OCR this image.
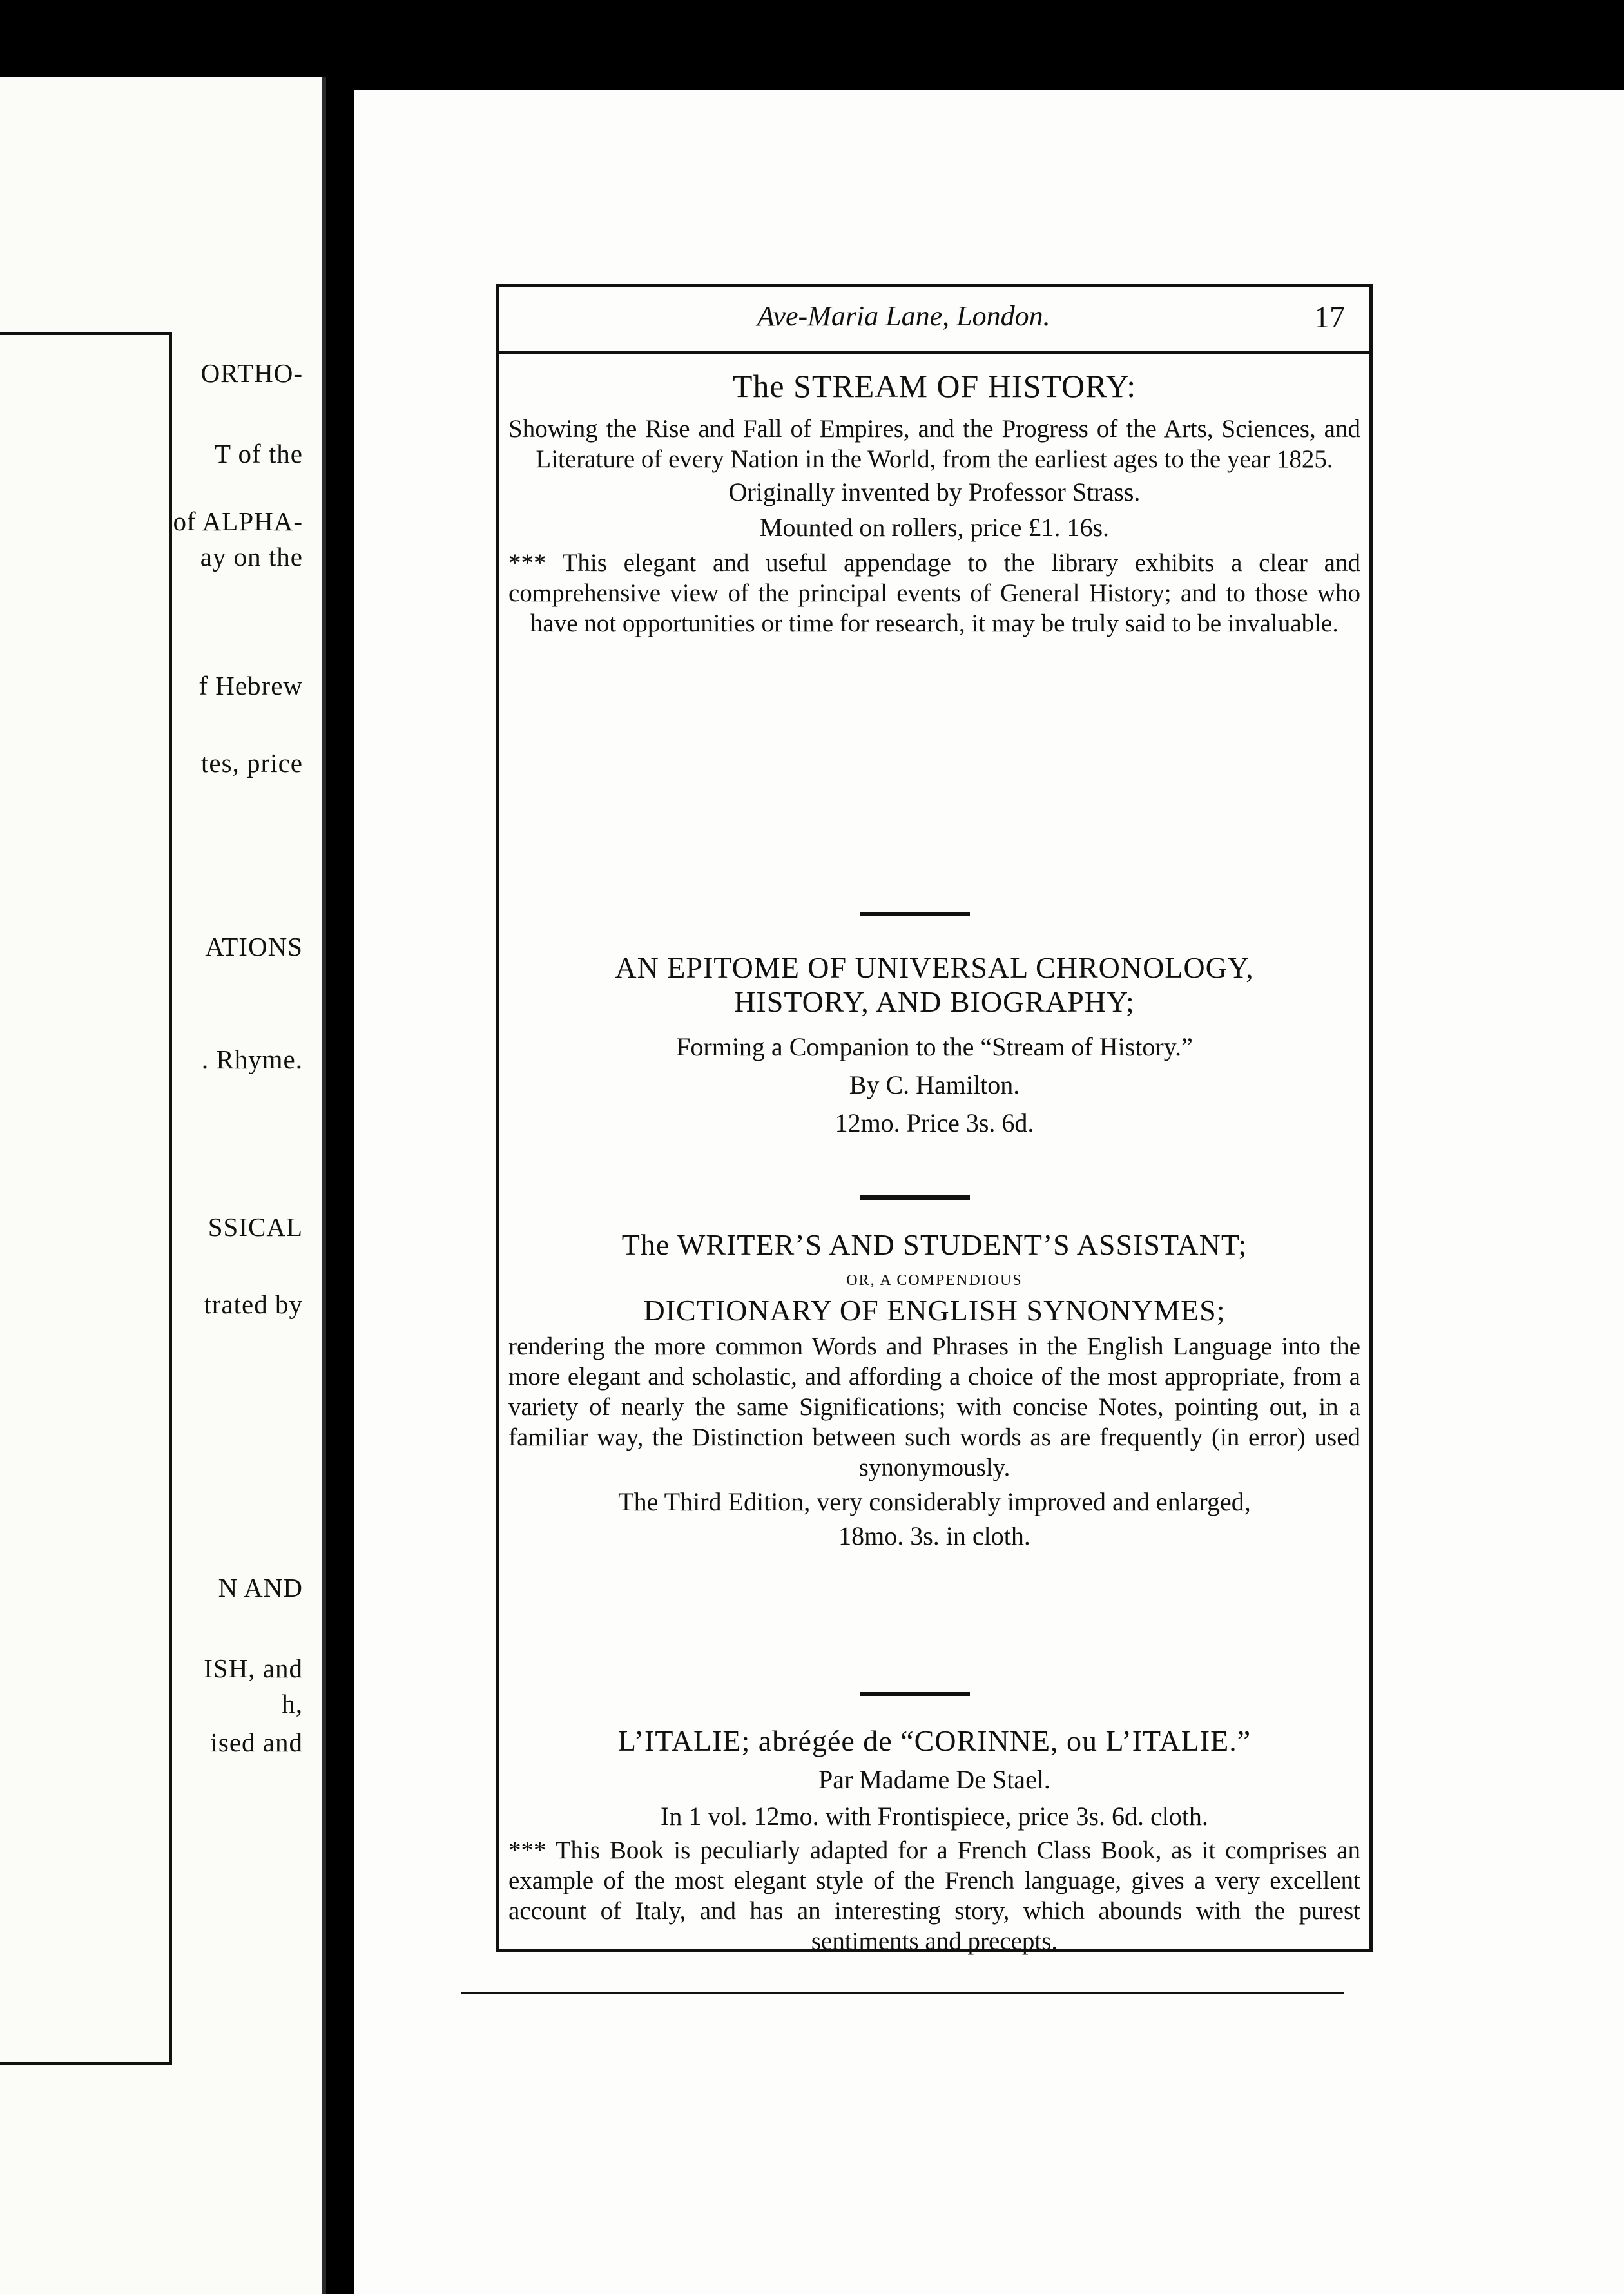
ORTHO-
T of the
of ALPHA-
ay on the
f Hebrew
tes, price
ATIONS
. Rhyme.
SSICAL
trated by
N AND
ISH, and
h,
ised and
Ave-Maria Lane, London.	17
The STREAM OF HISTORY:
Showing the Rise and Fall of Empires, and the Progress of the Arts, Sciences, and Literature of every Nation in the World, from the earliest ages to the year 1825.
Originally invented by Professor Strass.
Mounted on rollers, price £1. 16s.
*** This elegant and useful appendage to the library exhibits a clear and comprehensive view of the principal events of General History; and to those who have not opportunities or time for research, it may be truly said to be invaluable.
AN EPITOME OF UNIVERSAL CHRONOLOGY,
HISTORY, AND BIOGRAPHY;
Forming a Companion to the “Stream of History.”
By C. Hamilton.
12mo. Price 3s. 6d.
The WRITER’S AND STUDENT’S ASSISTANT;
OR, A COMPENDIOUS
DICTIONARY OF ENGLISH SYNONYMES;
rendering the more common Words and Phrases in the English Language into the more elegant and scholastic, and affording a choice of the most appropriate, from a variety of nearly the same Significations; with concise Notes, pointing out, in a familiar way, the Distinction between such words as are frequently (in error) used synonymously.
The Third Edition, very considerably improved and enlarged,
18mo. 3s. in cloth.
L’ITALIE; abrégée de “CORINNE, ou L’ITALIE.”
Par Madame De Stael.
In 1 vol. 12mo. with Frontispiece, price 3s. 6d. cloth.
*** This Book is peculiarly adapted for a French Class Book, as it comprises an example of the most elegant style of the French language, gives a very excellent account of Italy, and has an interesting story, which abounds with the purest sentiments and precepts.
